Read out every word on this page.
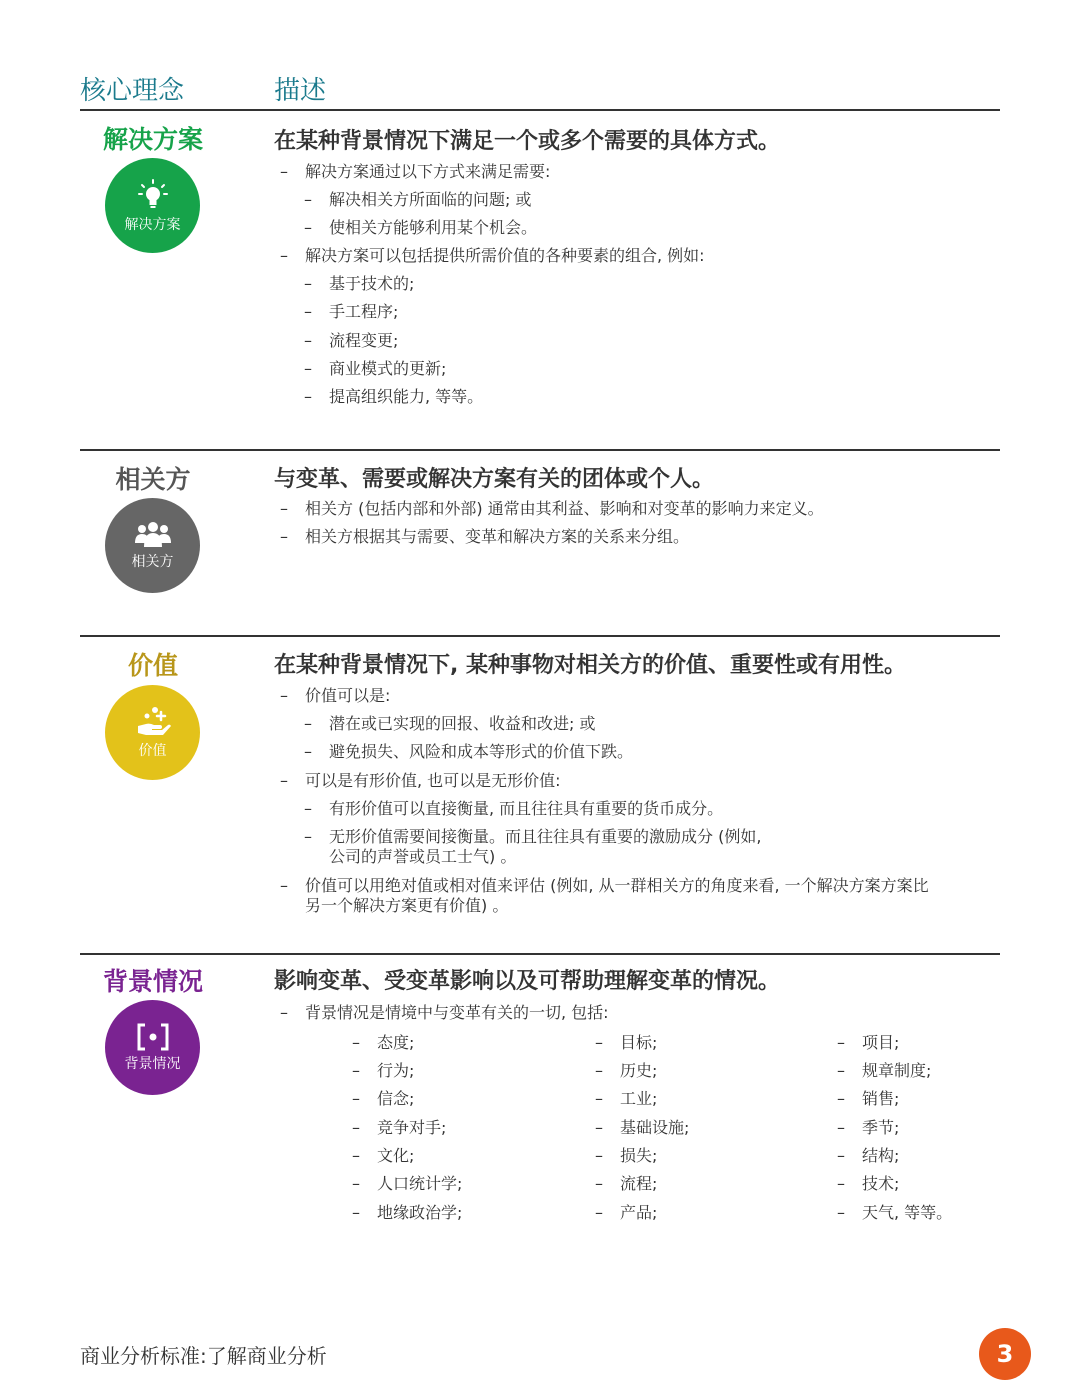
核心理念	描述
解决方案
解决方案
在某种背景情况下满足一个或多个需要的具体方式。
– 解决方案通过以下方式来满足需要:
– 解决相关方所面临的问题; 或
– 使相关方能够利用某个机会。
– 解决方案可以包括提供所需价值的各种要素的组合, 例如:
– 基于技术的;
– 手工程序;
– 流程变更;
– 商业模式的更新;
– 提高组织能力, 等等。
相关方
相关方
与变革、需要或解决方案有关的团体或个人。
– 相关方 (包括内部和外部) 通常由其利益、影响和对变革的影响力来定义。
– 相关方根据其与需要、变革和解决方案的关系来分组。
价值
价值
在某种背景情况下, 某种事物对相关方的价值、重要性或有用性。
– 价值可以是:
– 潜在或已实现的回报、收益和改进; 或
– 避免损失、风险和成本等形式的价值下跌。
– 可以是有形价值, 也可以是无形价值:
– 有形价值可以直接衡量, 而且往往具有重要的货币成分。
– 无形价值需要间接衡量。而且往往具有重要的激励成分 (例如,
公司的声誉或员工士气) 。
– 价值可以用绝对值或相对值来评估 (例如, 从一群相关方的角度来看, 一个解决方案方案比
另一个解决方案更有价值) 。
背景情况
背景情况
影响变革、受变革影响以及可帮助理解变革的情况。
– 背景情况是情境中与变革有关的一切, 包括:
– 态度;
– 行为;
– 信念;
– 竞争对手;
– 文化;
– 人口统计学;
– 地缘政治学;
– 目标;
– 历史;
– 工业;
– 基础设施;
– 损失;
– 流程;
– 产品;
– 项目;
– 规章制度;
– 销售;
– 季节;
– 结构;
– 技术;
– 天气, 等等。
商业分析标准:了解商业分析	3
